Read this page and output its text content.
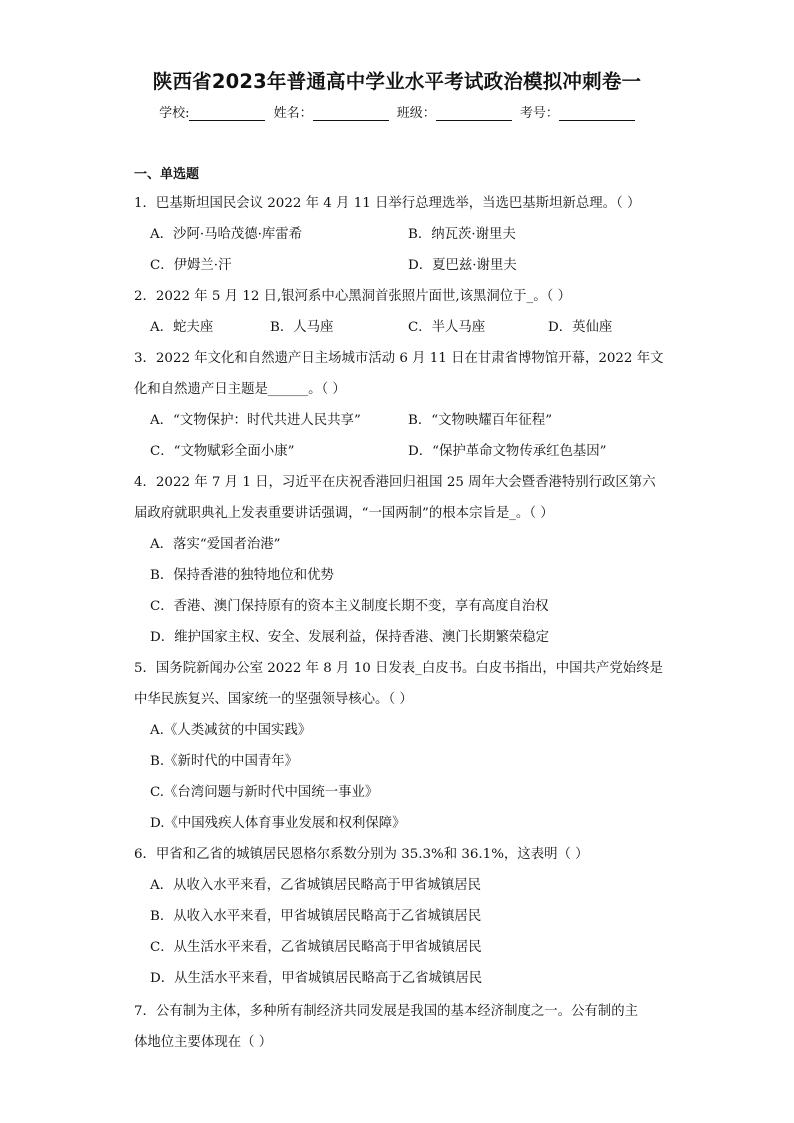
陕西省2023年普通高中学业水平考试政治模拟冲刺卷一
学校:	姓名：	班级：	考号：
一、单选题
1．巴基斯坦国民会议 2022 年 4 月 11 日举行总理选举，当选巴基斯坦新总理。（ ）
A．沙阿·马哈茂德·库雷希	B．纳瓦茨·谢里夫
C．伊姆兰·汗	D．夏巴兹·谢里夫
2．2022 年 5 月 12 日,银河系中心黑洞首张照片面世,该黑洞位于_。（ ）
A．蛇夫座	B．人马座	C．半人马座	D．英仙座
3．2022 年文化和自然遗产日主场城市活动 6 月 11 日在甘肃省博物馆开幕，2022 年文
化和自然遗产日主题是______。（ ）
A．“文物保护：时代共进人民共享”	B．“文物映耀百年征程”
C．“文物赋彩全面小康”	D．“保护革命文物传承红色基因”
4．2022 年 7 月 1 日，习近平在庆祝香港回归祖国 25 周年大会暨香港特别行政区第六
届政府就职典礼上发表重要讲话强调，“一国两制”的根本宗旨是_。（ ）
A．落实“爱国者治港”
B．保持香港的独特地位和优势
C．香港、澳门保持原有的资本主义制度长期不变，享有高度自治权
D．维护国家主权、安全、发展利益，保持香港、澳门长期繁荣稳定
5．国务院新闻办公室 2022 年 8 月 10 日发表_白皮书。白皮书指出，中国共产党始终是
中华民族复兴、国家统一的坚强领导核心。（ ）
A.《人类减贫的中国实践》
B.《新时代的中国青年》
C.《台湾问题与新时代中国统一事业》
D.《中国残疾人体育事业发展和权利保障》
6．甲省和乙省的城镇居民恩格尔系数分别为 35.3%和 36.1%，这表明（ ）
A．从收入水平来看，乙省城镇居民略高于甲省城镇居民
B．从收入水平来看，甲省城镇居民略高于乙省城镇居民
C．从生活水平来看，乙省城镇居民略高于甲省城镇居民
D．从生活水平来看，甲省城镇居民略高于乙省城镇居民
7．公有制为主体，多种所有制经济共同发展是我国的基本经济制度之一。公有制的主
体地位主要体现在（ ）
